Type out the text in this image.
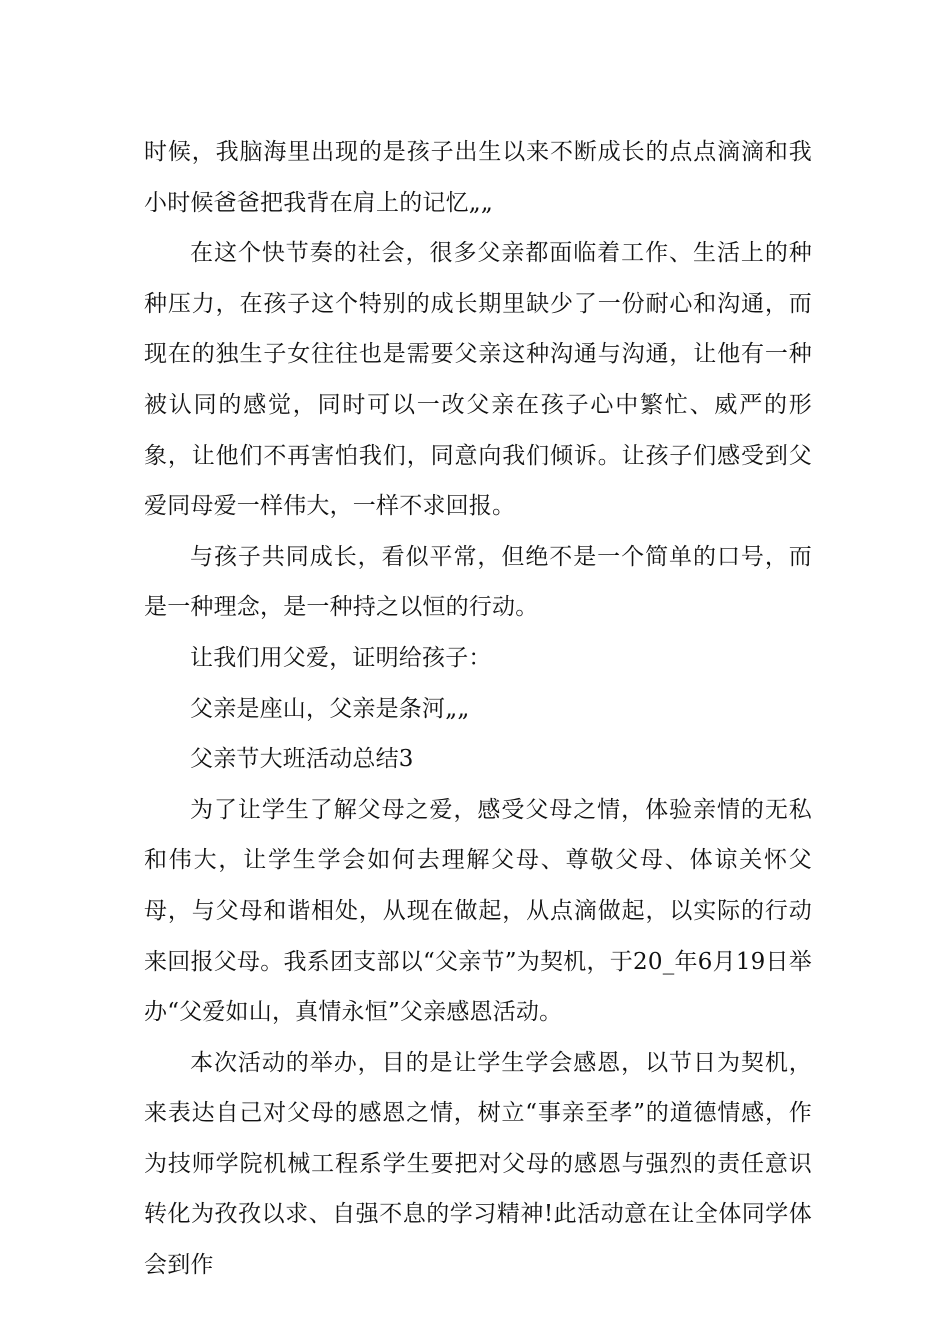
时候，我脑海里出现的是孩子出生以来不断成长的点点滴滴和我小时候爸爸把我背在肩上的记忆„„

在这个快节奏的社会，很多父亲都面临着工作、生活上的种种压力，在孩子这个特别的成长期里缺少了一份耐心和沟通，而现在的独生子女往往也是需要父亲这种沟通与沟通，让他有一种被认同的感觉，同时可以一改父亲在孩子心中繁忙、威严的形象，让他们不再害怕我们，同意向我们倾诉。让孩子们感受到父爱同母爱一样伟大，一样不求回报。

与孩子共同成长，看似平常，但绝不是一个简单的口号，而是一种理念，是一种持之以恒的行动。

让我们用父爱，证明给孩子：

父亲是座山，父亲是条河„„

父亲节大班活动总结3

为了让学生了解父母之爱，感受父母之情，体验亲情的无私和伟大，让学生学会如何去理解父母、尊敬父母、体谅关怀父母，与父母和谐相处，从现在做起，从点滴做起，以实际的行动来回报父母。我系团支部以“父亲节”为契机，于20_年6月19日举办“父爱如山，真情永恒”父亲感恩活动。

本次活动的举办，目的是让学生学会感恩，以节日为契机，来表达自己对父母的感恩之情，树立“事亲至孝”的道德情感，作为技师学院机械工程系学生要把对父母的感恩与强烈的责任意识转化为孜孜以求、自强不息的学习精神!此活动意在让全体同学体会到作
